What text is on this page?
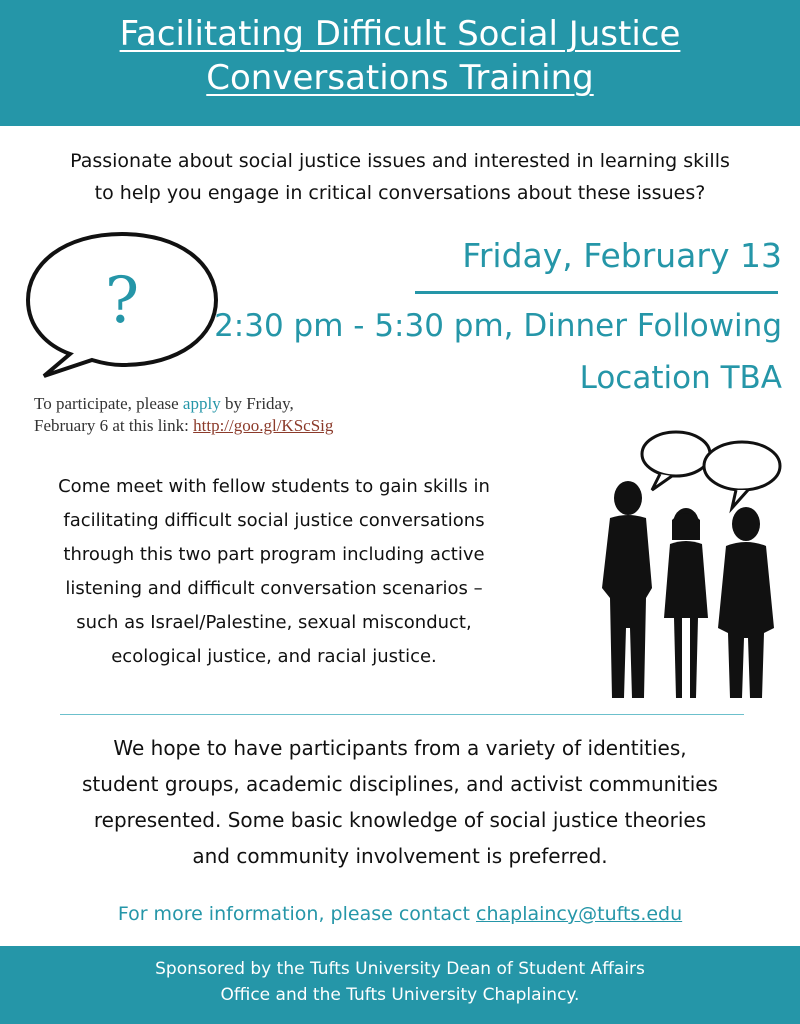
Facilitating Difficult Social Justice
Conversations Training
Passionate about social justice issues and interested in learning skills
to help you engage in critical conversations about these issues?
?
Friday, February 13
2:30 pm - 5:30 pm, Dinner Following
Location TBA
To participate, please apply by Friday,
February 6 at this link: http://goo.gl/KScSig
Come meet with fellow students to gain skills in
facilitating difficult social justice conversations
through this two part program including active
listening and difficult conversation scenarios –
such as Israel/Palestine, sexual misconduct,
ecological justice, and racial justice.
We hope to have participants from a variety of identities,
student groups, academic disciplines, and activist communities
represented. Some basic knowledge of social justice theories
and community involvement is preferred.
For more information, please contact chaplaincy@tufts.edu
Sponsored by the Tufts University Dean of Student Affairs
Office and the Tufts University Chaplaincy.
